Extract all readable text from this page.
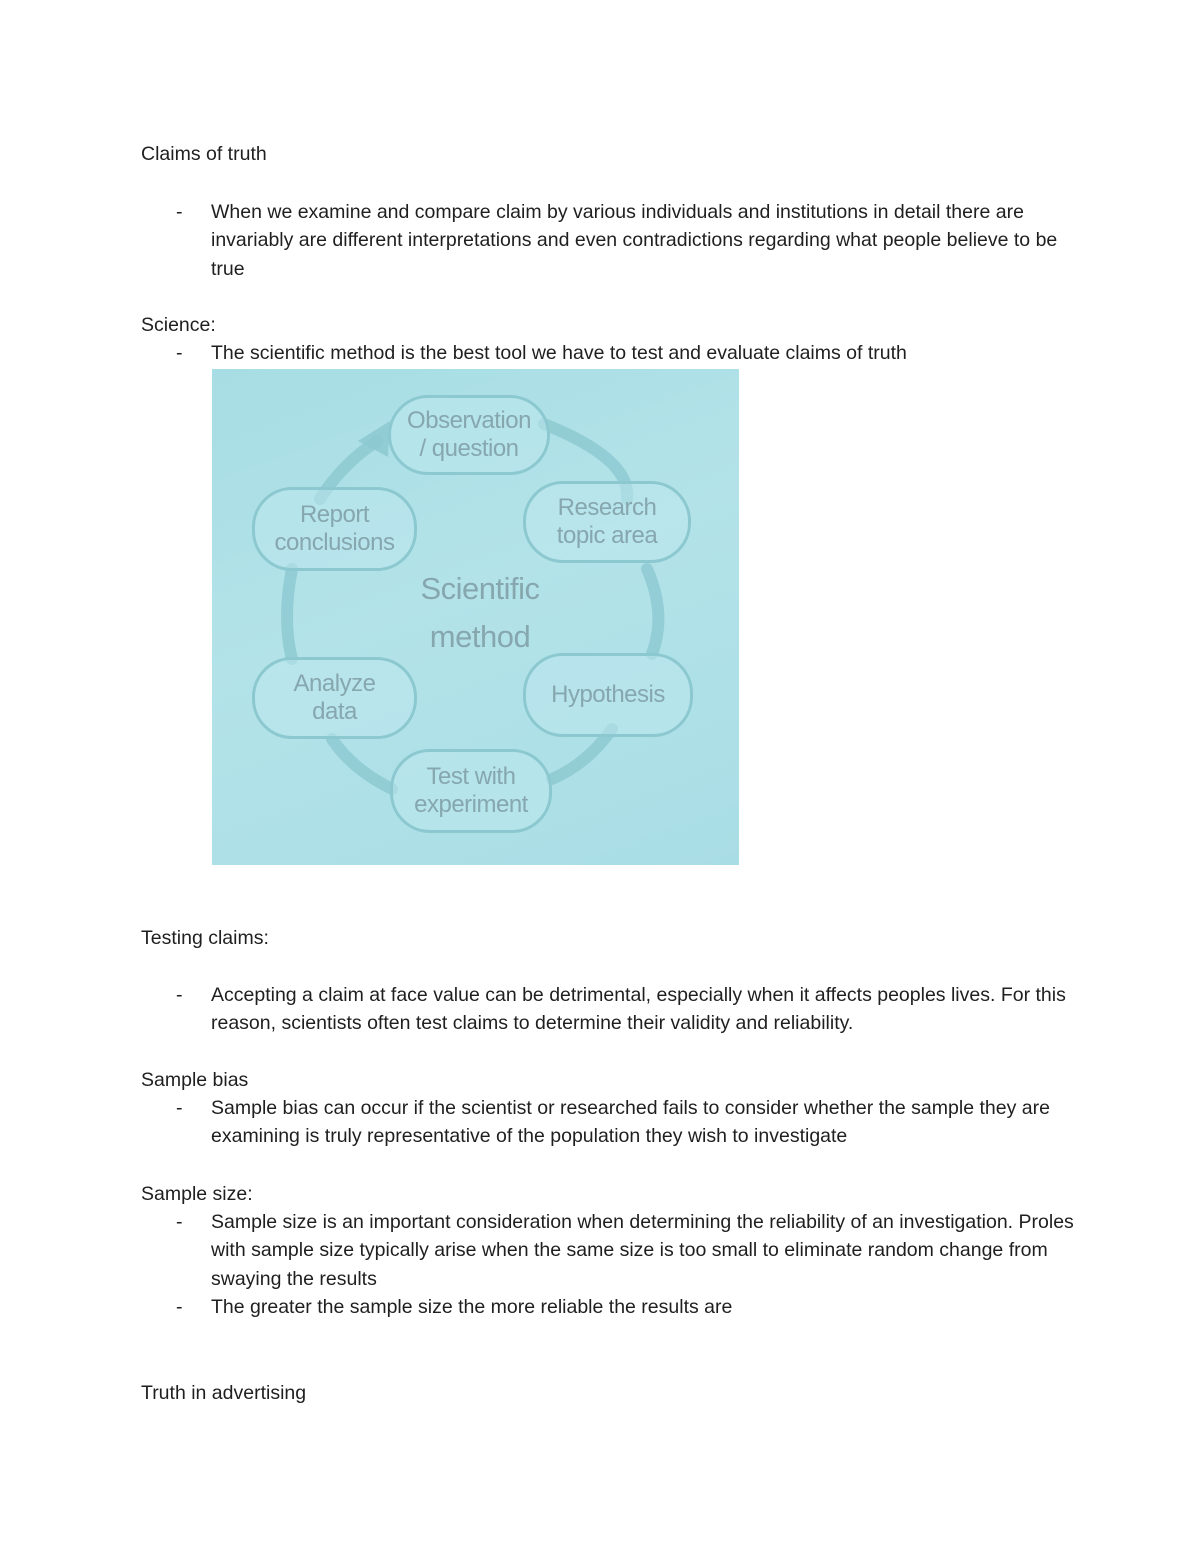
Claims of truth
- When we examine and compare claim by various individuals and institutions in detail there are invariably are different interpretations and even contradictions regarding what people believe to be true
Science:
- The scientific method is the best tool we have to test and evaluate claims of truth
Observation
/ question
Research
topic area
Hypothesis
Test with
experiment
Analyze
data
Report
conclusions
Scientific
method
Testing claims:
- Accepting a claim at face value can be detrimental, especially when it affects peoples lives. For this reason, scientists often test claims to determine their validity and reliability.
Sample bias
- Sample bias can occur if the scientist or researched fails to consider whether the sample they are examining is truly representative of the population they wish to investigate
Sample size:
- Sample size is an important consideration when determining the reliability of an investigation. Proles with sample size typically arise when the same size is too small to eliminate random change from swaying the results
- The greater the sample size the more reliable the results are
Truth in advertising
